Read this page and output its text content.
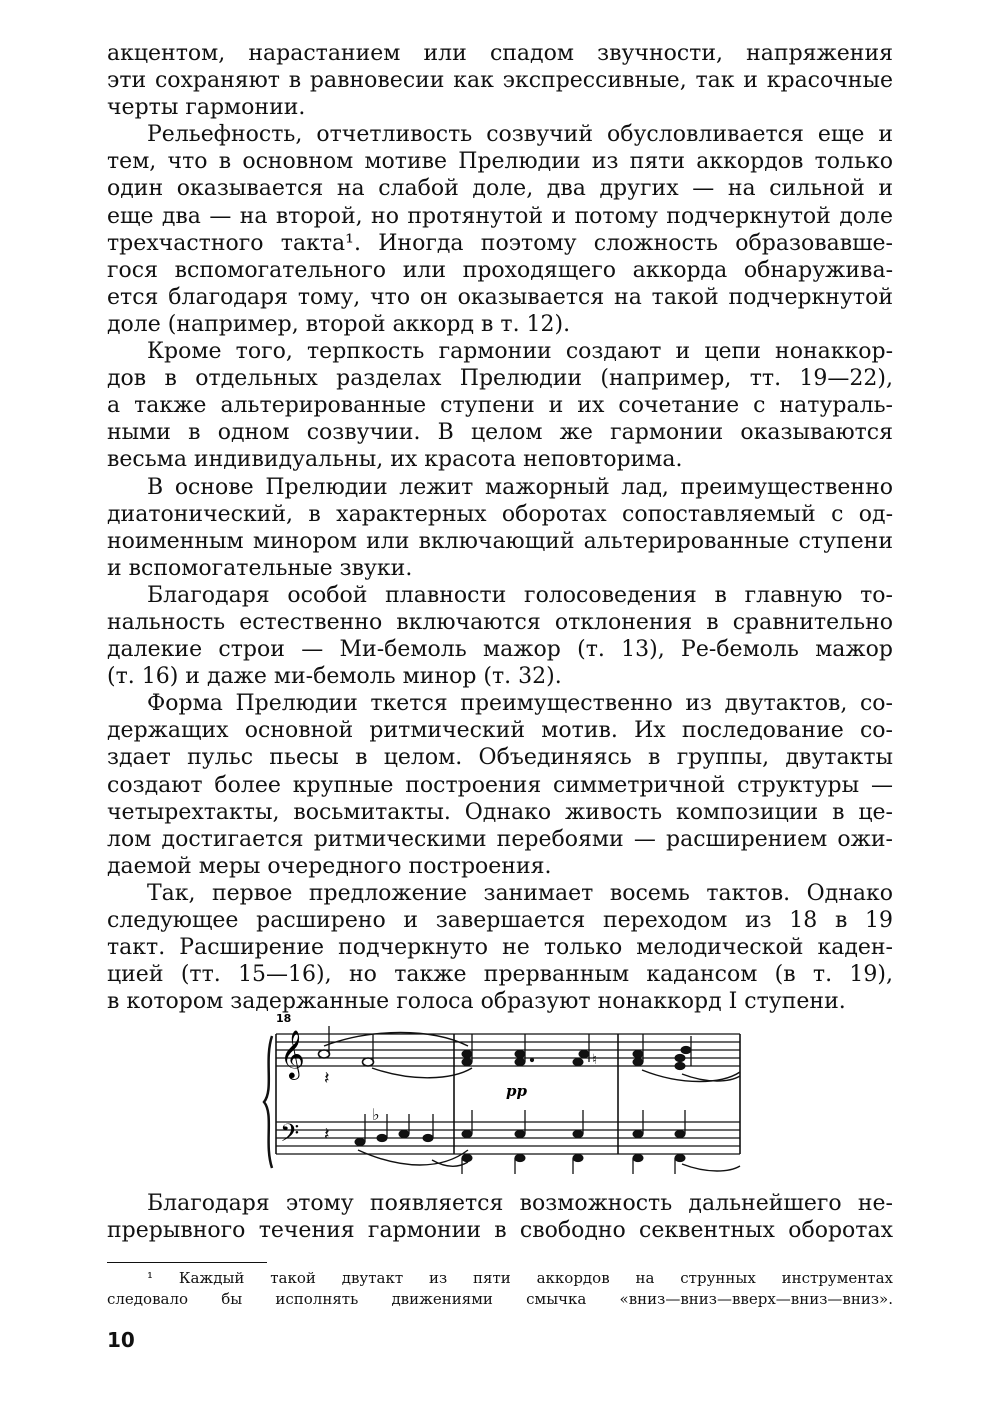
акцентом, нарастанием или спадом звучности, напряжения
эти сохраняют в равновесии как экспрессивные, так и красочные
черты гармонии.

Рельефность, отчетливость созвучий обусловливается еще и
тем, что в основном мотиве Прелюдии из пяти аккордов только
один оказывается на слабой доле, два других — на сильной и
еще два — на второй, но протянутой и потому подчеркнутой доле
трехчастного такта¹. Иногда поэтому сложность образовавше-
гося вспомогательного или проходящего аккорда обнаружива-
ется благодаря тому, что он оказывается на такой подчеркнутой
доле (например, второй аккорд в т. 12).

Кроме того, терпкость гармонии создают и цепи нонаккор-
дов в отдельных разделах Прелюдии (например, тт. 19—22),
а также альтерированные ступени и их сочетание с натураль-
ными в одном созвучии. В целом же гармонии оказываются
весьма индивидуальны, их красота неповторима.

В основе Прелюдии лежит мажорный лад, преимущественно
диатонический, в характерных оборотах сопоставляемый с од-
ноименным минором или включающий альтерированные ступени
и вспомогательные звуки.

Благодаря особой плавности голосоведения в главную то-
нальность естественно включаются отклонения в сравнительно
далекие строи — Ми-бемоль мажор (т. 13), Ре-бемоль мажор
(т. 16) и даже ми-бемоль минор (т. 32).

Форма Прелюдии ткется преимущественно из двутактов, со-
держащих основной ритмический мотив. Их последование со-
здает пульс пьесы в целом. Объединяясь в группы, двутакты
создают более крупные построения симметричной структуры —
четырехтакты, восьмитакты. Однако живость композиции в це-
лом достигается ритмическими перебоями — расширением ожи-
даемой меры очередного построения.

Так, первое предложение занимает восемь тактов. Однако
следующее расширено и завершается переходом из 18 в 19
такт. Расширение подчеркнуто не только мелодической каден-
цией (тт. 15—16), но также прерванным кадансом (в т. 19),
в котором задержанные голоса образуют нонаккорд I ступени.

18
𝄞
𝄢
𝄽
♮
pp
𝄽
♭

Благодаря этому появляется возможность дальнейшего не-
прерывного течения гармонии в свободно секвентных оборотах

¹ Каждый такой двутакт из пяти аккордов на струнных инструментах
следовало бы исполнять движениями смычка «вниз—вниз—вверх—вниз—вниз».
10
